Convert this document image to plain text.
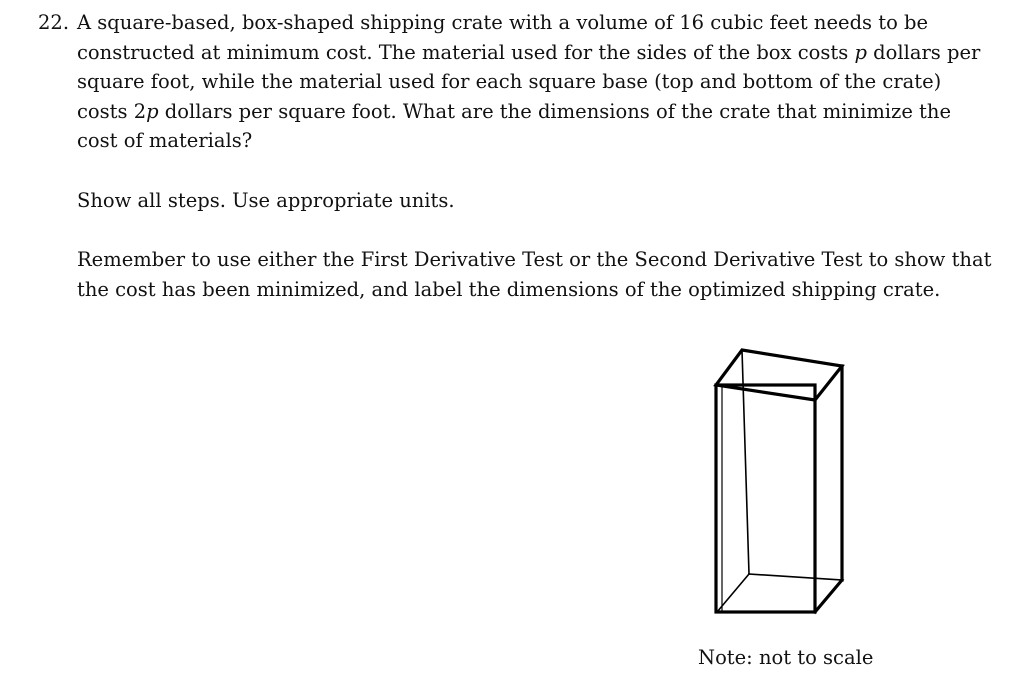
22. A square-based, box-shaped shipping crate with a volume of 16 cubic feet needs to be constructed at minimum cost. The material used for the sides of the box costs p dollars per square foot, while the material used for each square base (top and bottom of the crate) costs 2p dollars per square foot. What are the dimensions of the crate that minimize the cost of materials?

Show all steps. Use appropriate units.

Remember to use either the First Derivative Test or the Second Derivative Test to show that the cost has been minimized, and label the dimensions of the optimized shipping crate.

Note: not to scale
